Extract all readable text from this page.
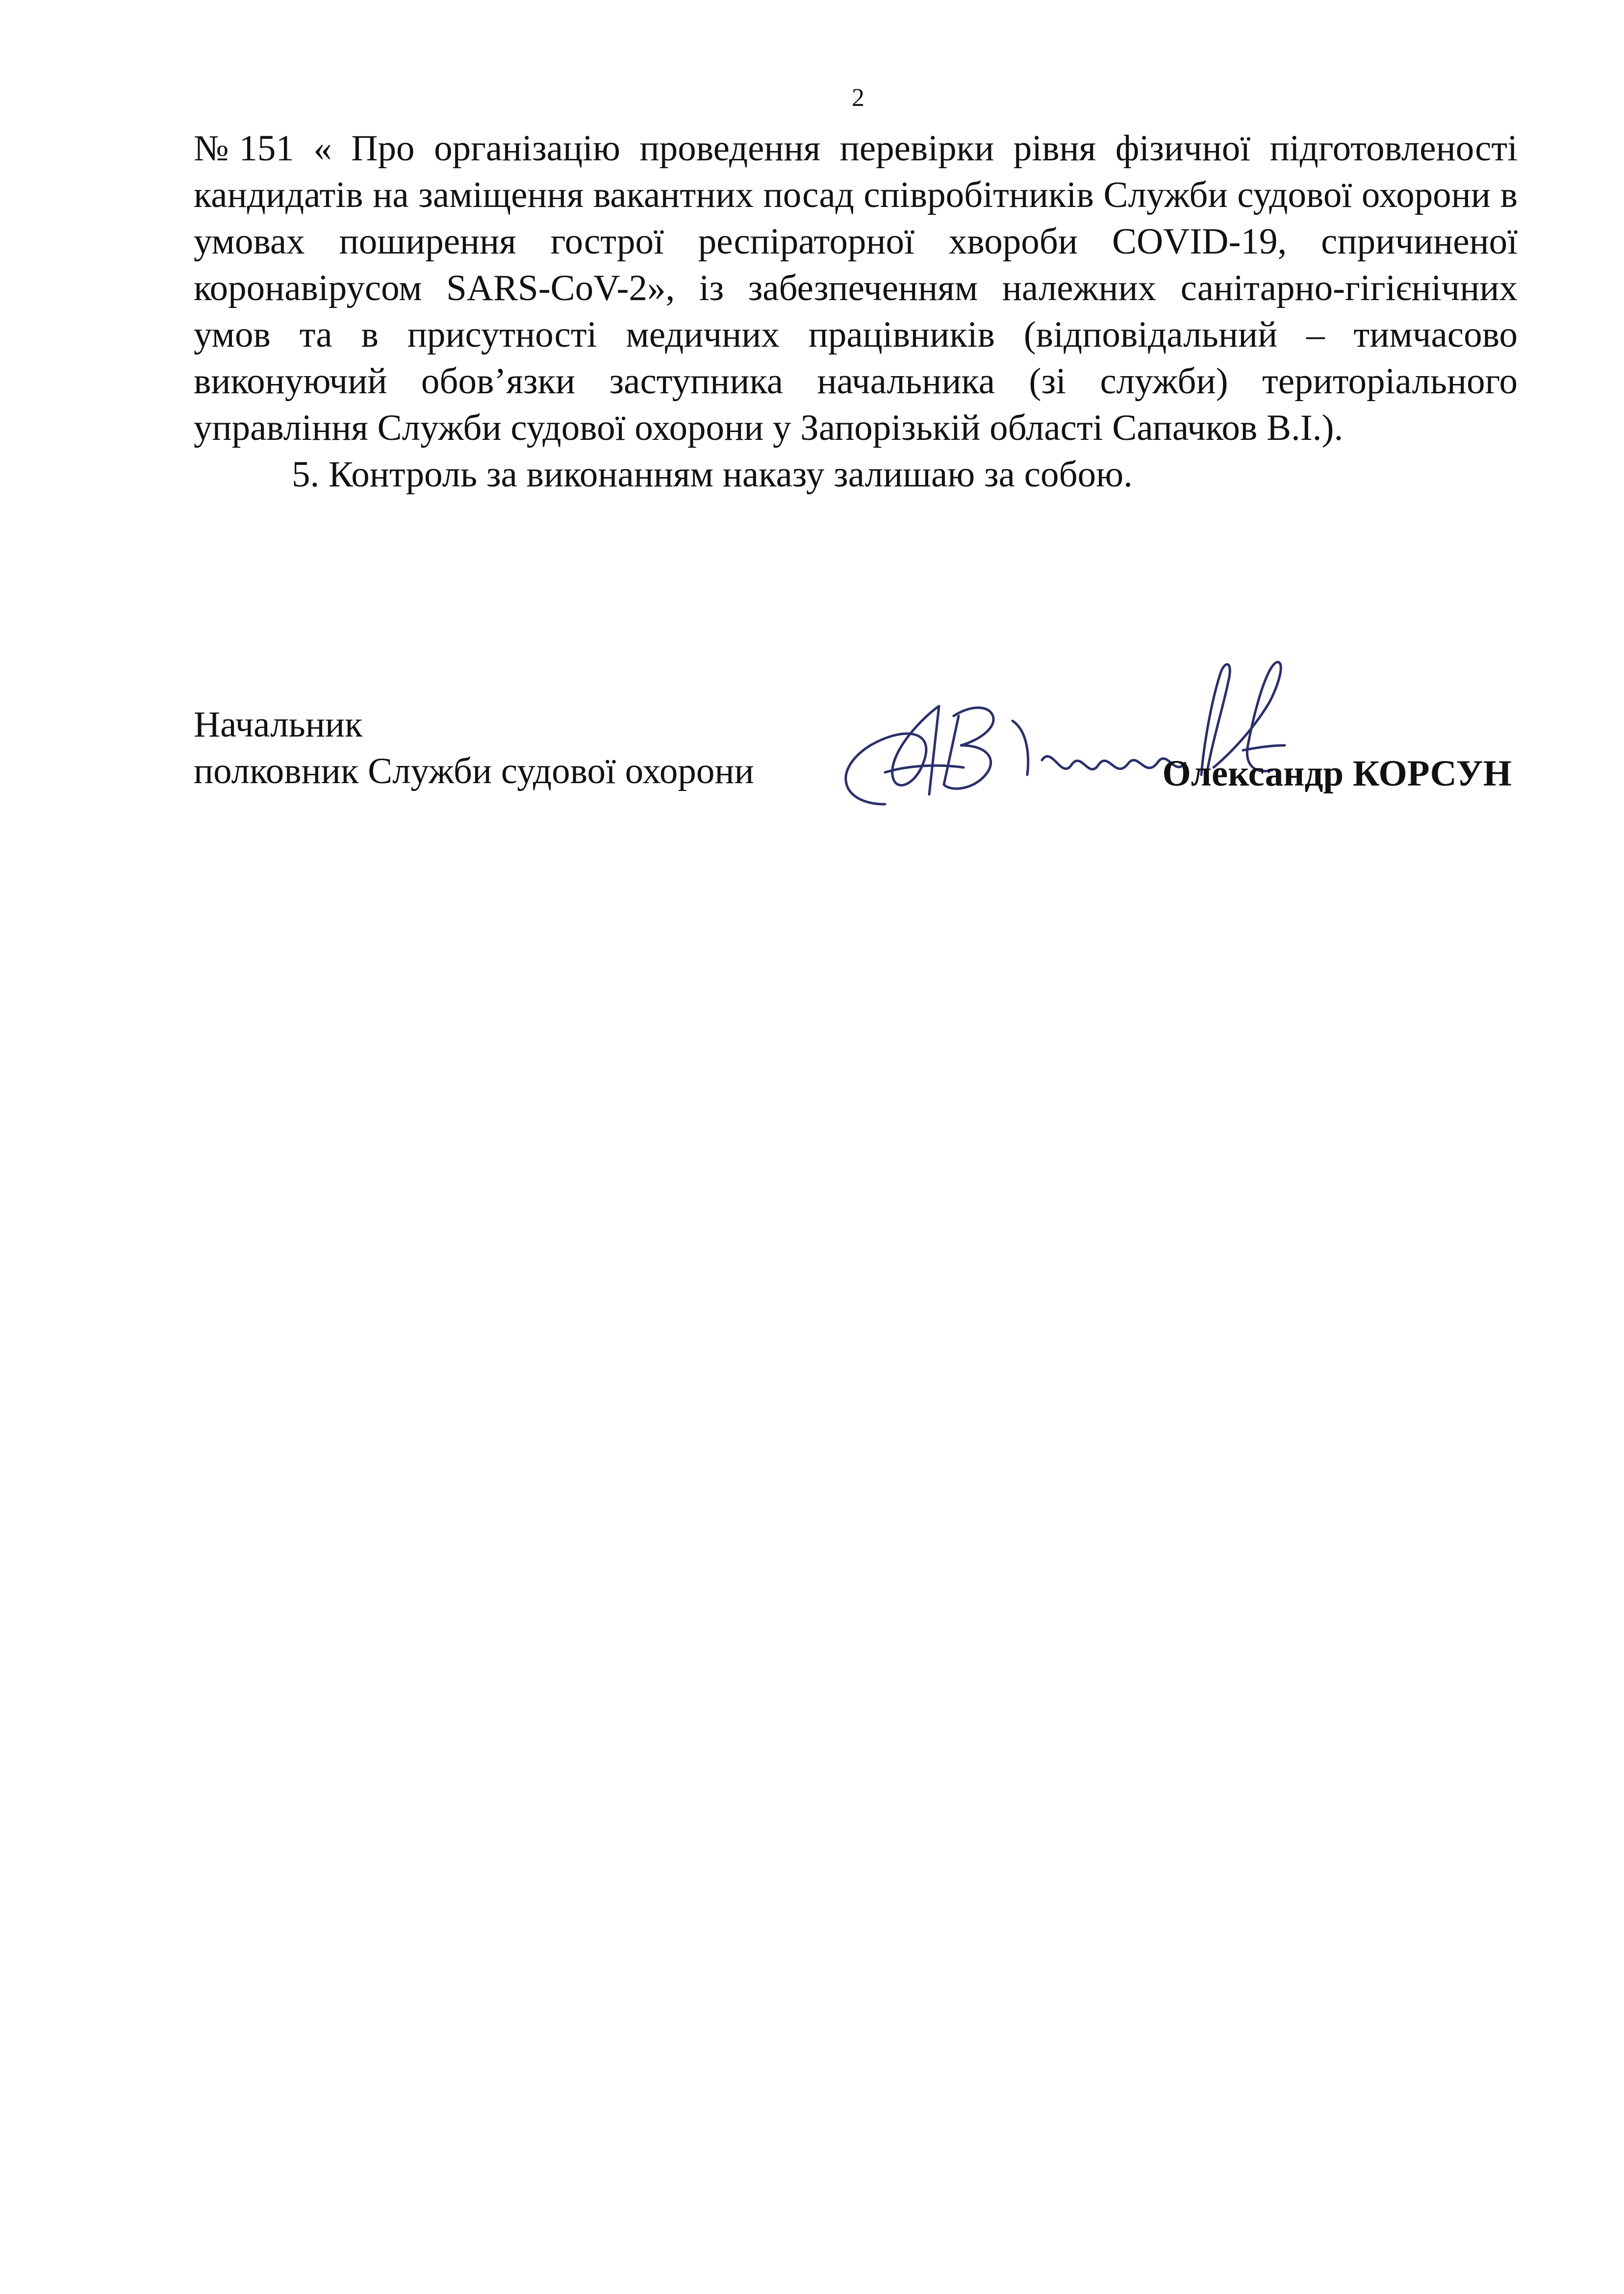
2

№151 « Про організацію проведення перевірки рівня фізичної підготовленості кандидатів на заміщення вакантних посад співробітників Служби судової охорони в умовах поширення гострої респіраторної хвороби COVID-19, спричиненої коронавірусом SARS-CoV-2», із забезпеченням належних санітарно-гігієнічних умов та в присутності медичних працівників (відповідальний – тимчасово виконуючий обов’язки заступника начальника (зі служби) територіального управління Служби судової охорони у Запорізькій області Сапачков В.І.).

5. Контроль за виконанням наказу залишаю за собою.

Начальник
полковник Служби судової охорони	Олександр КОРСУН
